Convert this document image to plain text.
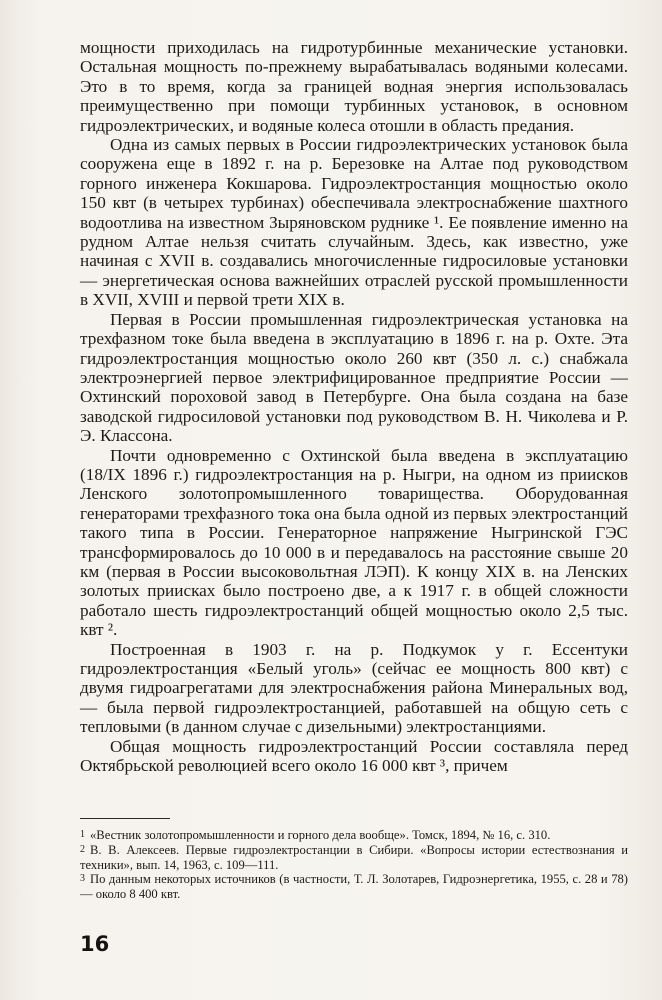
мощности приходилась на гидротурбинные механические установки. Остальная мощность по-прежнему вырабатывалась водяными колесами. Это в то время, когда за границей водная энергия использовалась преимущественно при помощи турбинных установок, в основном гидроэлектрических, и водяные колеса отошли в область предания.

Одна из самых первых в России гидроэлектрических установок была сооружена еще в 1892 г. на р. Березовке на Алтае под руководством горного инженера Кокшарова. Гидроэлектростанция мощностью около 150 квт (в четырех турбинах) обеспечивала электроснабжение шахтного водоотлива на известном Зыряновском руднике ¹. Ее появление именно на рудном Алтае нельзя считать случайным. Здесь, как известно, уже начиная с XVII в. создавались многочисленные гидросиловые установки — энергетическая основа важнейших отраслей русской промышленности в XVII, XVIII и первой трети XIX в.

Первая в России промышленная гидроэлектрическая установка на трехфазном токе была введена в эксплуатацию в 1896 г. на р. Охте. Эта гидроэлектростанция мощностью около 260 квт (350 л. с.) снабжала электроэнергией первое электрифицированное предприятие России — Охтинский пороховой завод в Петербурге. Она была создана на базе заводской гидросиловой установки под руководством В. Н. Чиколева и Р. Э. Классона.

Почти одновременно с Охтинской была введена в эксплуатацию (18/IX 1896 г.) гидроэлектростанция на р. Ныгри, на одном из приисков Ленского золотопромышленного товарищества. Оборудованная генераторами трехфазного тока она была одной из первых электростанций такого типа в России. Генераторное напряжение Ныгринской ГЭС трансформировалось до 10 000 в и передавалось на расстояние свыше 20 км (первая в России высоковольтная ЛЭП). К концу XIX в. на Ленских золотых приисках было построено две, а к 1917 г. в общей сложности работало шесть гидроэлектростанций общей мощностью около 2,5 тыс. квт ².

Построенная в 1903 г. на р. Подкумок у г. Ессентуки гидроэлектростанция «Белый уголь» (сейчас ее мощность 800 квт) с двумя гидроагрегатами для электроснабжения района Минеральных вод, — была первой гидроэлектростанцией, работавшей на общую сеть с тепловыми (в данном случае с дизельными) электростанциями.

Общая мощность гидроэлектростанций России составляла перед Октябрьской революцией всего около 16 000 квт ³, причем

$^1$ «Вестник золотопромышленности и горного дела вообще». Томск, 1894, № 16, с. 310.

$^2$ В. В. Алексеев. Первые гидроэлектростанции в Сибири. «Вопросы истории естествознания и техники», вып. 14, 1963, с. 109—111.

$^3$ По данным некоторых источников (в частности, Т. Л. Золотарев, Гидроэнергетика, 1955, с. 28 и 78) — около 8 400 квт.

16
